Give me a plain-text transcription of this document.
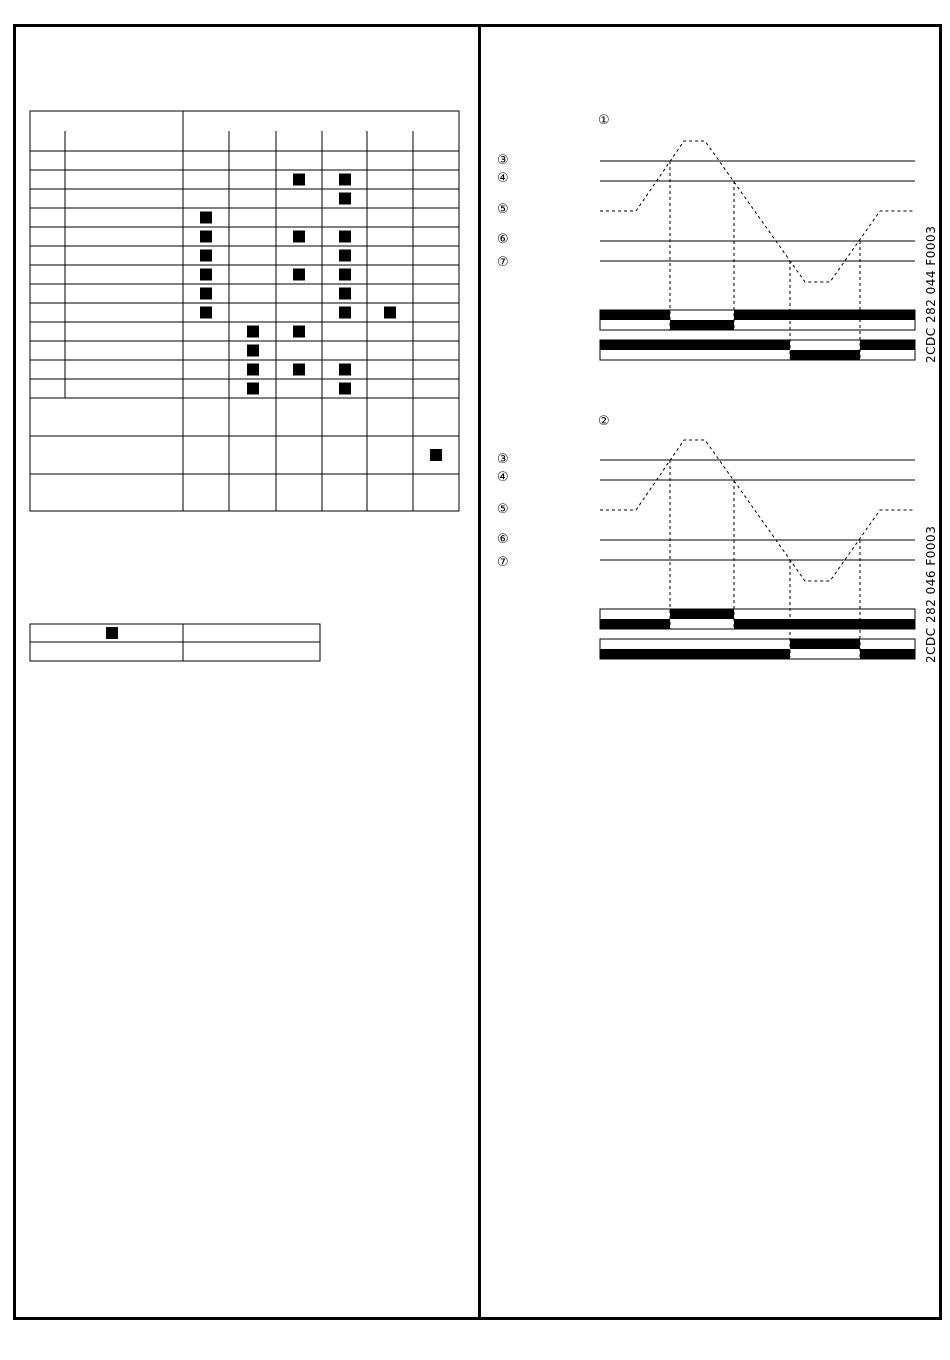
①
③
④
⑤
⑥
⑦	2CDC 282 044 F0003
②
③
④
⑤
⑥
⑦	2CDC 282 046 F0003
